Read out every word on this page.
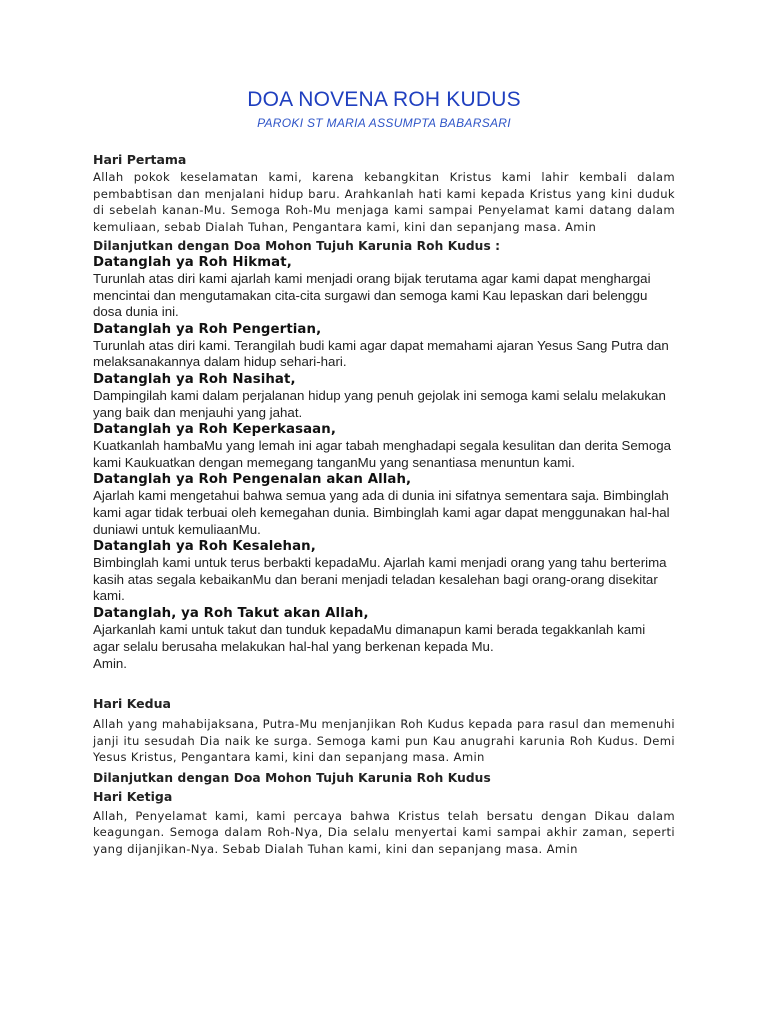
DOA NOVENA ROH KUDUS
PAROKI ST MARIA ASSUMPTA BABARSARI

Hari Pertama

Allah pokok keselamatan kami, karena kebangkitan Kristus kami lahir kembali dalam pembabtisan dan menjalani hidup baru. Arahkanlah hati kami kepada Kristus yang kini duduk di sebelah kanan-Mu. Semoga Roh-Mu menjaga kami sampai Penyelamat kami datang dalam kemuliaan, sebab Dialah Tuhan, Pengantara kami, kini dan sepanjang masa. Amin

Dilanjutkan dengan Doa Mohon Tujuh Karunia Roh Kudus :

Datanglah ya Roh Hikmat,

Turunlah atas diri kami ajarlah kami menjadi orang bijak terutama agar kami dapat menghargai mencintai dan mengutamakan cita-cita surgawi dan semoga kami Kau lepaskan dari belenggu dosa dunia ini.

Datanglah ya Roh Pengertian,

Turunlah atas diri kami. Terangilah budi kami agar dapat memahami ajaran Yesus Sang Putra dan melaksanakannya dalam hidup sehari-hari.

Datanglah ya Roh Nasihat,

Dampingilah kami dalam perjalanan hidup yang penuh gejolak ini semoga kami selalu melakukan yang baik dan menjauhi yang jahat.

Datanglah ya Roh Keperkasaan,

Kuatkanlah hambaMu yang lemah ini agar tabah menghadapi segala kesulitan dan derita Semoga kami Kaukuatkan dengan memegang tanganMu yang senantiasa menuntun kami.

Datanglah ya Roh Pengenalan akan Allah,

Ajarlah kami mengetahui bahwa semua yang ada di dunia ini sifatnya sementara saja. Bimbinglah kami agar tidak terbuai oleh kemegahan dunia. Bimbinglah kami agar dapat menggunakan hal-hal duniawi untuk kemuliaanMu.

Datanglah ya Roh Kesalehan,

Bimbinglah kami untuk terus berbakti kepadaMu. Ajarlah kami menjadi orang yang tahu berterima kasih atas segala kebaikanMu dan berani menjadi teladan kesalehan bagi orang-orang disekitar kami.

Datanglah, ya Roh Takut akan Allah,

Ajarkanlah kami untuk takut dan tunduk kepadaMu dimanapun kami berada tegakkanlah kami agar selalu berusaha melakukan hal-hal yang berkenan kepada Mu.

Amin.

Hari Kedua

Allah yang mahabijaksana, Putra-Mu menjanjikan Roh Kudus kepada para rasul dan memenuhi janji itu sesudah Dia naik ke surga. Semoga kami pun Kau anugrahi karunia Roh Kudus. Demi Yesus Kristus, Pengantara kami, kini dan sepanjang masa. Amin

Dilanjutkan dengan Doa Mohon Tujuh Karunia Roh Kudus

Hari Ketiga

Allah, Penyelamat kami, kami percaya bahwa Kristus telah bersatu dengan Dikau dalam keagungan. Semoga dalam Roh-Nya, Dia selalu menyertai kami sampai akhir zaman, seperti yang dijanjikan-Nya. Sebab Dialah Tuhan kami, kini dan sepanjang masa. Amin
